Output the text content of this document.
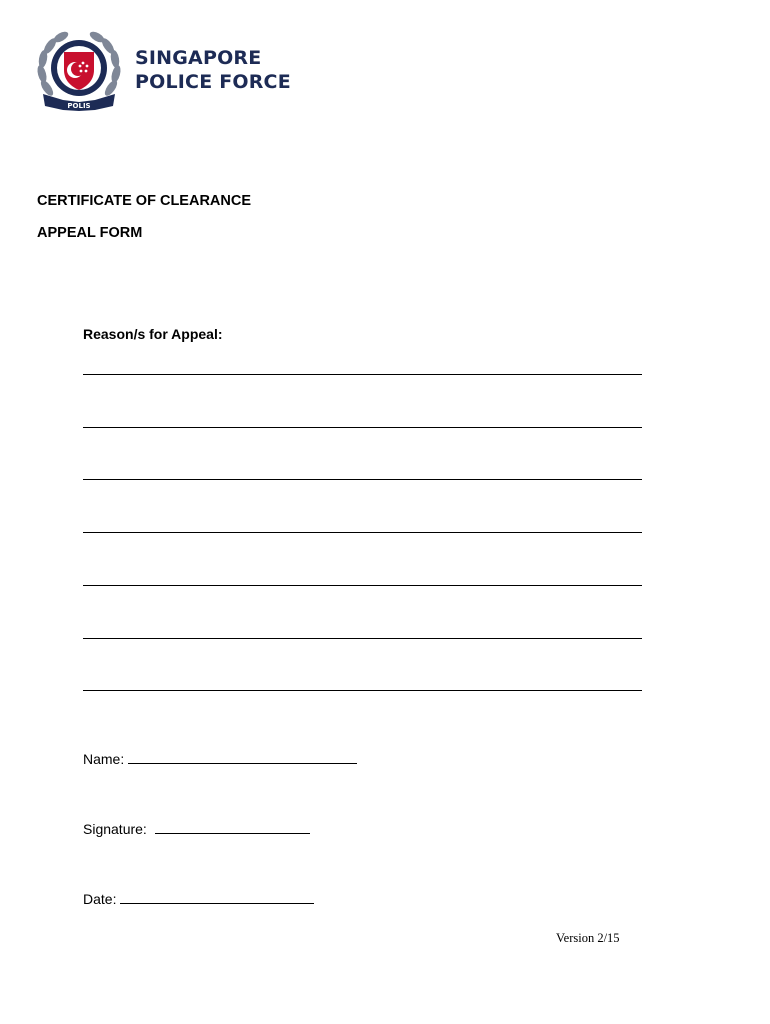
POLIS
SINGAPORE
POLICE FORCE
CERTIFICATE OF CLEARANCE
APPEAL FORM
Reason/s for Appeal:
Name:
Signature:
Date:
Version 2/15
